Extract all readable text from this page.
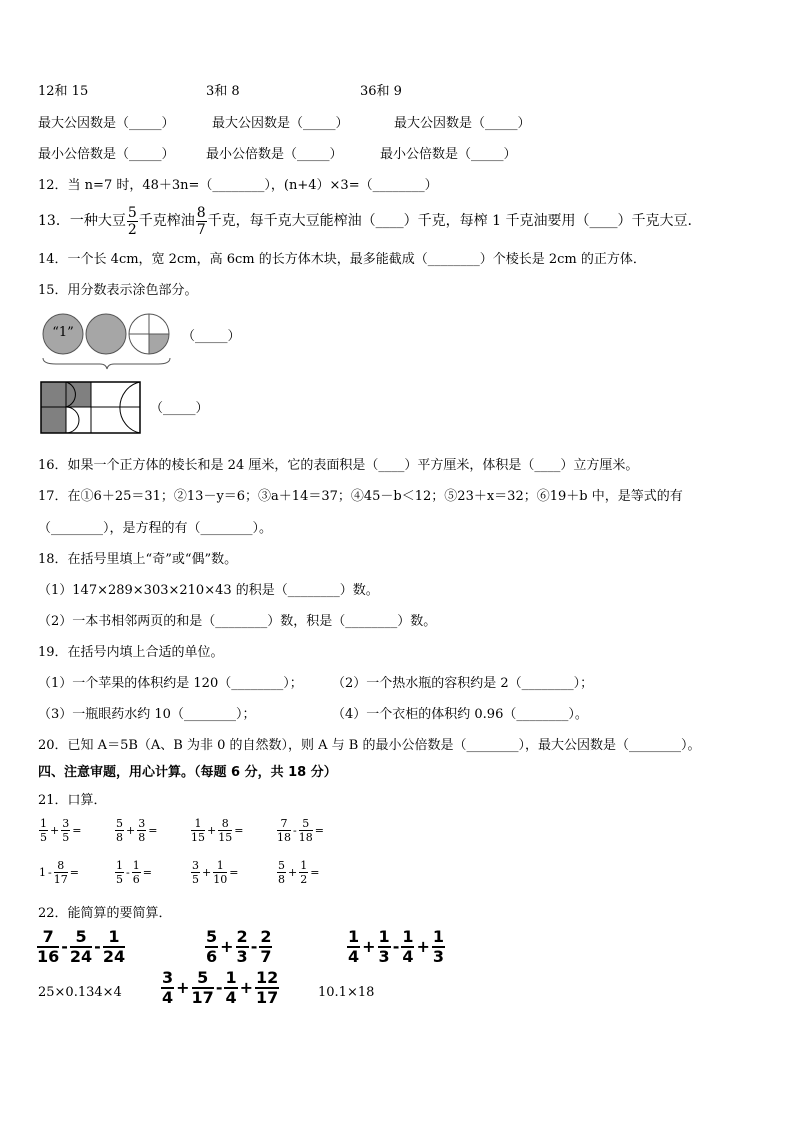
12和 15	3和 8	36和 9
最大公因数是（_____）	最大公因数是（_____）	最大公因数是（_____）
最小公倍数是（_____） 最小公倍数是（_____）	最小公倍数是（_____）
12．当 n=7 时，48＋3n=（________），(n+4）×3=（________）
13．一种大豆 $\frac{5}{2}$ 千克榨油 $\frac{8}{7}$ 千克，每千克大豆能榨油（____）千克，每榨 1 千克油要用（____）千克大豆.
14．一个长 4cm，宽 2cm，高 6cm 的长方体木块，最多能截成（________）个棱长是 2cm 的正方体．
15．用分数表示涂色部分。
“1”	（_____）
（_____）
16．如果一个正方体的棱长和是 24 厘米，它的表面积是（____）平方厘米，体积是（____）立方厘米。
17．在①6＋25＝31；②13－y＝6；③a＋14＝37；④45－b＜12；⑤23＋x＝32；⑥19＋b 中，是等式的有
（________），是方程的有（________）。
18．在括号里填上“奇”或“偶”数。
（1）147×289×303×210×43 的积是（________）数。
（2）一本书相邻两页的和是（________）数，积是（________）数。
19．在括号内填上合适的单位。
（1）一个苹果的体积约是 120（________）； （2）一个热水瓶的容积约是 2（________）；
（3）一瓶眼药水约 10（________）；	（4）一个衣柜的体积约 0.96（________）。
20．已知 A＝5B（A、B 为非 0 的自然数），则 A 与 B 的最小公倍数是（________），最大公因数是（________）。
四、注意审题，用心计算。（每题 6 分，共 18 分）
21．口算．
22．能简算的要简算．
$\frac{1}{5} + \frac{3}{5}$ =	$\frac{5}{8} + \frac{3}{8}$ =	$\frac{1}{15} + \frac{8}{15}$ =	$\frac{7}{18} - \frac{5}{18}$ =
$1 - \frac{8}{17}$ =	$\frac{1}{5} - \frac{1}{6}$ =	$\frac{3}{5} + \frac{1}{10}$ =	$\frac{5}{8} + \frac{1}{2}$ =
$\frac{7}{16} - \frac{5}{24} - \frac{1}{24}$	$\frac{5}{6} + \frac{2}{3} - \frac{2}{7}$	$\frac{1}{4} + \frac{1}{3} - \frac{1}{4} + \frac{1}{3}$
$\frac{3}{4} + \frac{5}{17} - \frac{1}{4} + \frac{12}{17}$
25×0.134×4	10.1×18
